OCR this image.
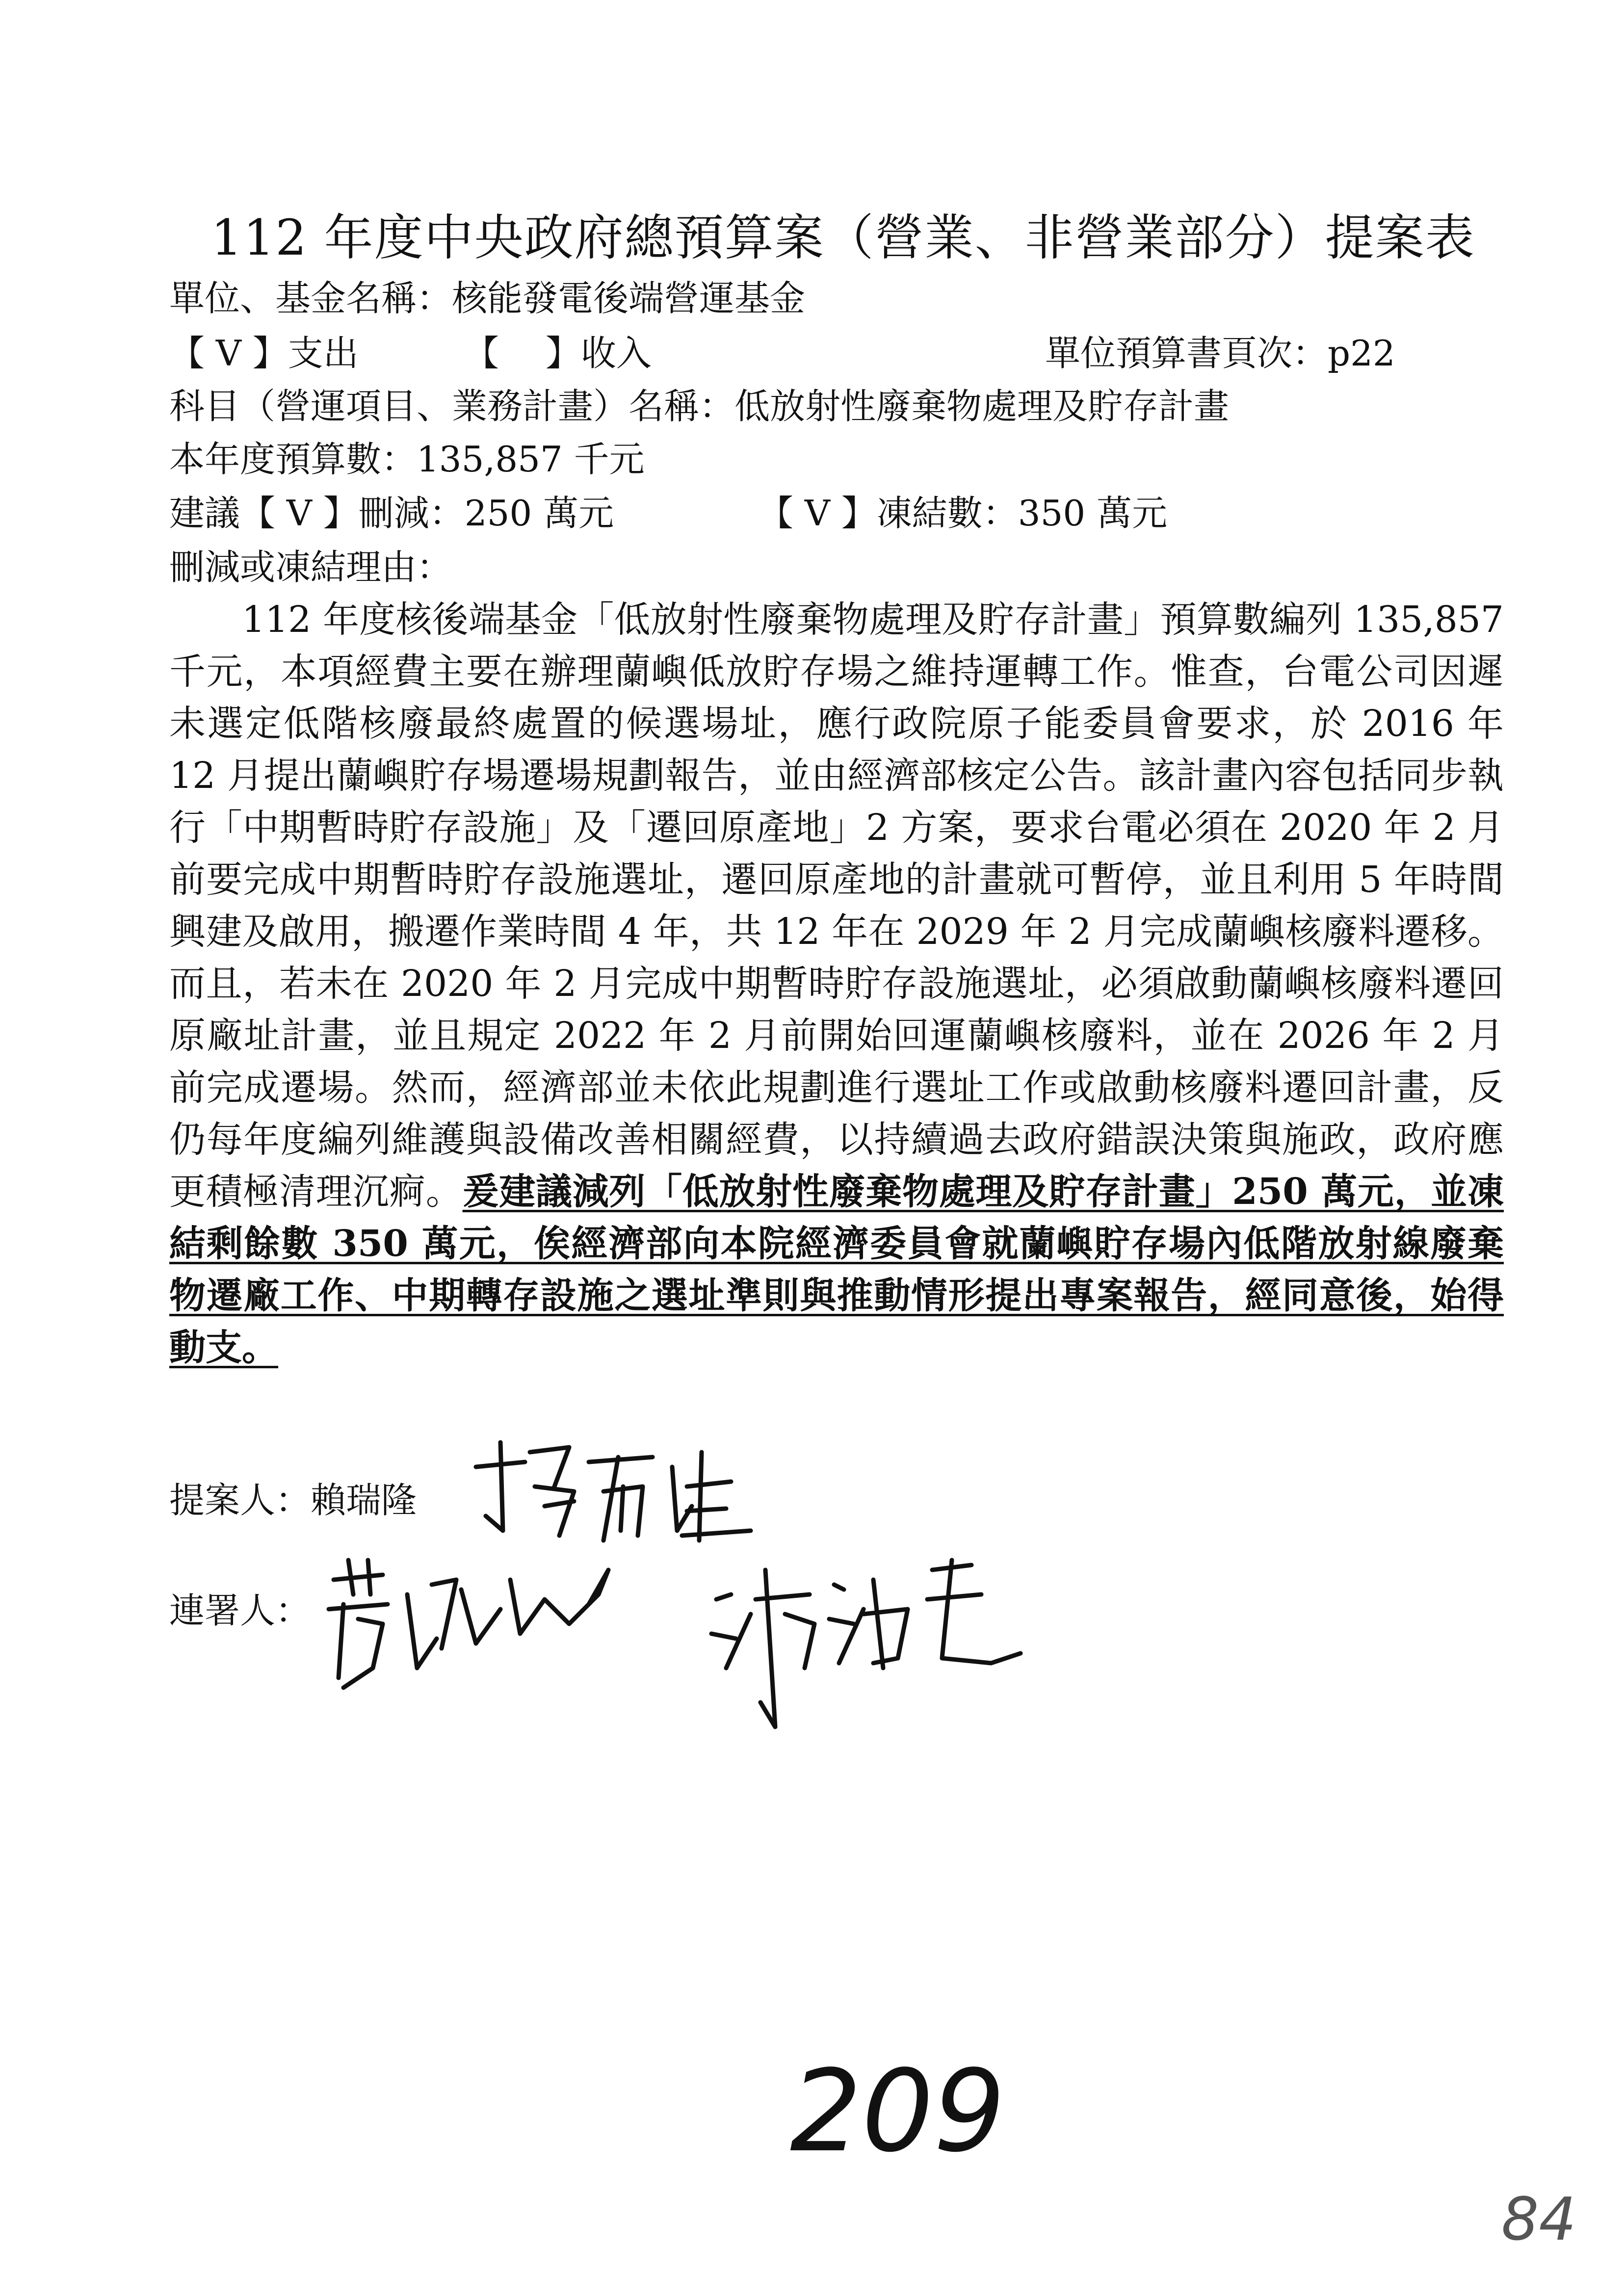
112 年度中央政府總預算案（營業、非營業部分）提案表
單位、基金名稱：核能發電後端營運基金
【 V 】支出	【　 】收入	單位預算書頁次：p22
科目（營運項目、業務計畫）名稱：低放射性廢棄物處理及貯存計畫
本年度預算數：135,857 千元
建議【 V 】刪減：250 萬元	【 V 】凍結數：350 萬元
刪減或凍結理由：
112 年度核後端基金「低放射性廢棄物處理及貯存計畫」預算數編列 135,857 千元，本項經費主要在辦理蘭嶼低放貯存場之維持運轉工作。惟查，台電公司因遲未選定低階核廢最終處置的候選場址，應行政院原子能委員會要求，於 2016 年 12 月提出蘭嶼貯存場遷場規劃報告，並由經濟部核定公告。該計畫內容包括同步執行「中期暫時貯存設施」及「遷回原產地」2 方案，要求台電必須在 2020 年 2 月前要完成中期暫時貯存設施選址，遷回原產地的計畫就可暫停，並且利用 5 年時間興建及啟用，搬遷作業時間 4 年，共 12 年在 2029 年 2 月完成蘭嶼核廢料遷移。而且，若未在 2020 年 2 月完成中期暫時貯存設施選址，必須啟動蘭嶼核廢料遷回原廠址計畫，並且規定 2022 年 2 月前開始回運蘭嶼核廢料，並在 2026 年 2 月前完成遷場。然而，經濟部並未依此規劃進行選址工作或啟動核廢料遷回計畫，反仍每年度編列維護與設備改善相關經費，以持續過去政府錯誤決策與施政，政府應更積極清理沉痾。爰建議減列「低放射性廢棄物處理及貯存計畫」250 萬元，並凍結剩餘數 350 萬元，俟經濟部向本院經濟委員會就蘭嶼貯存場內低階放射線廢棄物遷廠工作、中期轉存設施之選址準則與推動情形提出專案報告，經同意後，始得動支。
提案人：賴瑞隆
連署人：
209
84
